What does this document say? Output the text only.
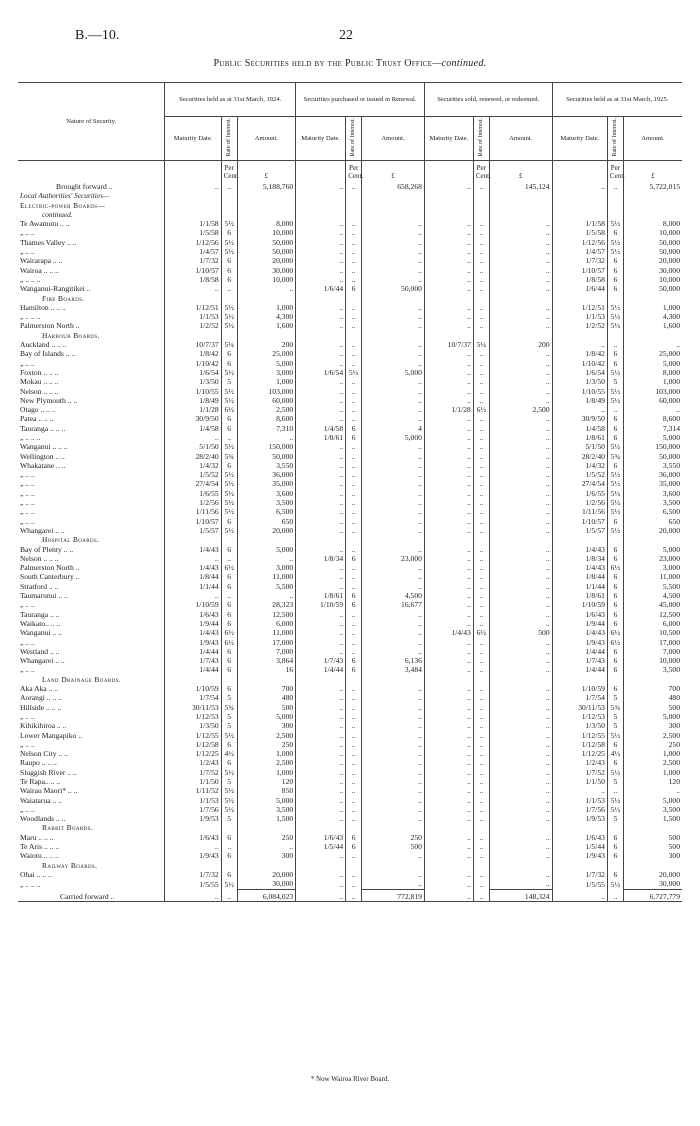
B.—10.	22
Public Securities held by the Public Trust Office—continued.
Nature of Security.	Securities held as at 31st March, 1924.			Securities purchased or issued in Renewal.			Securities sold, renewed, or redeemed.			Securities held as at 31st March, 1925.		
	Maturity Date.	Rate of Interest.	Amount.	Maturity Date.	Rate of Interest.	Amount.	Maturity Date.	Rate of Interest.	Amount.	Maturity Date.	Rate of Interest.	Amount.
		Per
Cent.	£		Per
Cent.	£		Per
Cent.	£		Per
Cent.	£
Brought forward ..	..	..	5,188,760	..	..	658,268	..	..	145,124	..	..	5,722,015
Local Authorities' Securities—												
Electric-power Boards—												
continued.												
Te Awamutu .. ..	1/1/58	5½	8,000	..	..	..	..	..	..	1/1/58	5½	8,000
„ .. ..	1/5/58	6	10,000	..	..	..	..	..	..	1/5/58	6	10,000
Thames Valley .. ..	1/12/56	5½	50,000	..	..	..	..	..	..	1/12/56	5½	50,000
„ .. ..	1/4/57	5½	50,000	..	..	..	..	..	..	1/4/57	5½	50,000
Wairarapa .. ..	1/7/32	6	20,000	..	..	..	..	..	..	1/7/32	6	20,000
Wairoa .. .. ..	1/10/57	6	30,000	..	..	..	..	..	..	1/10/57	6	30,000
„ .. .. ..	1/8/58	6	10,000	..	..	..	..	..	..	1/8/58	6	10,000
Wanganui-Rangitikei ..	..	..	..	1/6/44	6	50,000	..	..	..	1/6/44	6	50,000
Fire Boards.												
Hamilton .. .. ..	1/12/51	5½	1,000	..	..	..	..	..	..	1/12/51	5½	1,000
„ .. .. ..	1/1/53	5½	4,300	..	..	..	..	..	..	1/1/53	5½	4,300
Palmerston North ..	1/2/52	5½	1,600	..	..	..	..	..	..	1/2/52	5½	1,600
Harbour Boards.												
Auckland .. .. ..	10/7/37	5¼	200	..	..	..	10/7/37	5¼	200	..	..	..
Bay of Islands .. ..	1/8/42	6	25,000	..	..	..	..	..	..	1/8/42	6	25,000
„ .. ..	1/10/42	6	5,000	..	..	..	..	..	..	1/10/42	6	5,000
Foxton .. .. ..	1/6/54	5½	3,000	1/6/54	5½	5,000	..	..	..	1/6/54	5½	8,000
Mokau .. .. ..	1/3/50	5	1,000	..	..	..	..	..	..	1/3/50	5	1,000
Nelson .. .. ..	1/10/55	5½	103,000	..	..	..	..	..	..	1/10/55	5½	103,000
New Plymouth .. ..	1/8/49	5½	60,000	..	..	..	..	..	..	1/8/49	5½	60,000
Otago .. .. ..	1/1/28	6½	2,500	..	..	..	1/1/28	6½	2,500	..	..	..
Patea .. .. ..	30/9/50	6	8,600	..	..	..	..	..	..	30/9/50	6	8,600
Tauranga .. .. ..	1/4/58	6	7,310	1/4/58	6	4	..	..	..	1/4/58	6	7,314
„ .. .. ..	..	..	..	1/8/61	6	5,000	..	..	..	1/8/61	6	5,000
Wanganui .. .. ..	5/1/50	5½	150,000	..	..	..	..	..	..	5/1/50	5½	150,000
Wellington .. ..	28/2/40	5¾	50,000	..	..	..	..	..	..	28/2/40	5¾	50,000
Whakatane .. ..	1/4/32	6	3,550	..	..	..	..	..	..	1/4/32	6	3,550
„ .. ..	1/5/52	5½	36,000	..	..	..	..	..	..	1/5/52	5½	36,000
„ .. ..	27/4/54	5½	35,000	..	..	..	..	..	..	27/4/54	5½	35,000
„ .. ..	1/6/55	5½	3,600	..	..	..	..	..	..	1/6/55	5½	3,600
„ .. ..	1/2/56	5½	3,500	..	..	..	..	..	..	1/2/56	5½	3,500
„ .. ..	1/11/56	5½	6,500	..	..	..	..	..	..	1/11/56	5½	6,500
„ .. ..	1/10/57	6	650	..	..	..	..	..	..	1/10/57	6	650
Whangarei .. ..	1/5/57	5½	20,000	..	..	..	..	..	..	1/5/57	5½	20,000
Hospital Boards.												
Bay of Plenty .. ..	1/4/43	6	5,000	..	..	..	..	..	..	1/4/43	6	5,000
Nelson .. .. ..	..	..	..	1/8/34	6	23,000	..	..	..	1/8/34	6	23,000
Palmerston North ..	1/4/43	6½	3,000	..	..	..	..	..	..	1/4/43	6½	3,000
South Canterbury ..	1/8/44	6	11,000	..	..	..	..	..	..	1/8/44	6	11,000
Stratford .. ..	1/1/44	6	5,500	..	..	..	..	..	..	1/1/44	6	5,500
Taumarunui .. ..	..	..	..	1/8/61	6	4,500	..	..	..	1/8/61	6	4,500
„ .. ..	1/10/59	6	28,323	1/10/59	6	16,677	..	..	..	1/10/59	6	45,000
Tauranga .. ..	1/6/43	6	12,500	..	..	..	..	..	..	1/6/43	6	12,500
Waikato.. .. ..	1/9/44	6	6,000	..	..	..	..	..	..	1/9/44	6	6,000
Wanganui .. ..	1/4/43	6½	11,000	..	..	..	1/4/43	6½	500	1/4/43	6½	10,500
„ .. ..	1/9/43	6½	17,000	..	..	..	..	..	..	1/9/43	6½	17,000
Westland .. ..	1/4/44	6	7,000	..	..	..	..	..	..	1/4/44	6	7,000
Whangarei .. ..	1/7/43	6	3,864	1/7/43	6	6,136	..	..	..	1/7/43	6	10,000
„ .. ..	1/4/44	6	16	1/4/44	6	3,484	..	..	..	1/4/44	6	3,500
Land Drainage Boards.												
Aka Aka .. ..	1/10/59	6	700	..	..	..	..	..	..	1/10/59	6	700
Aorangi .. .. ..	1/7/54	5	480	..	..	..	..	..	..	1/7/54	5	480
Hillside .. .. ..	30/11/53	5¾	500	..	..	..	..	..	..	30/11/53	5¾	500
„ .. ..	1/12/53	5	5,000	..	..	..	..	..	..	1/12/53	5	5,000
Kihikihiroa .. ..	1/3/50	5	300	..	..	..	..	..	..	1/3/50	5	300
Lower Mangapiko ..	1/12/55	5½	2,500	..	..	..	..	..	..	1/12/55	5½	2,500
„ .. ..	1/12/58	6	250	..	..	..	..	..	..	1/12/58	6	250
Nelson City .. ..	1/12/25	4½	1,000	..	..	..	..	..	..	1/12/25	4½	1,000
Raupo .. .. ..	1/2/43	6	2,500	..	..	..	..	..	..	1/2/43	6	2,500
Sluggish River .. ..	1/7/52	5½	1,000	..	..	..	..	..	..	1/7/52	5½	1,000
Te Rapa.. .. ..	1/1/50	5	120	..	..	..	..	..	..	1/1/50	5	120
Wairau Maori* .. ..	1/11/52	5½	850	..	..	..	..	..	..	..	..	..
Waiatarua .. ..	1/1/53	5½	5,000	..	..	..	..	..	..	1/1/53	5½	5,000
„ .. ..	1/7/56	5½	3,500	..	..	..	..	..	..	1/7/56	5½	3,500
Woodlands .. ..	1/9/53	5	1,500	..	..	..	..	..	..	1/9/53	5	1,500
Rabbit Boards.												
Maru .. .. ..	1/6/43	6	250	1/6/43	6	250	..	..	..	1/6/43	6	500
Te Aris .. .. ..	..	..	..	1/5/44	6	500	..	..	..	1/5/44	6	500
Waiotu .. .. ..	1/9/43	6	300	..	..	..	..	..	..	1/9/43	6	300
Railway Boards.												
Ohai .. .. ..	1/7/32	6	20,000	..	..	..	..	..	..	1/7/32	6	20,000
„ .. .. ..	1/5/55	5½	30,000	..	..	..	..	..	..	1/5/55	5½	30,000
Carried forward ..	..	..	6,084,023	..	..	772,819	..	..	148,324	..	..	6,727,779
* Now Wairoa River Board.
